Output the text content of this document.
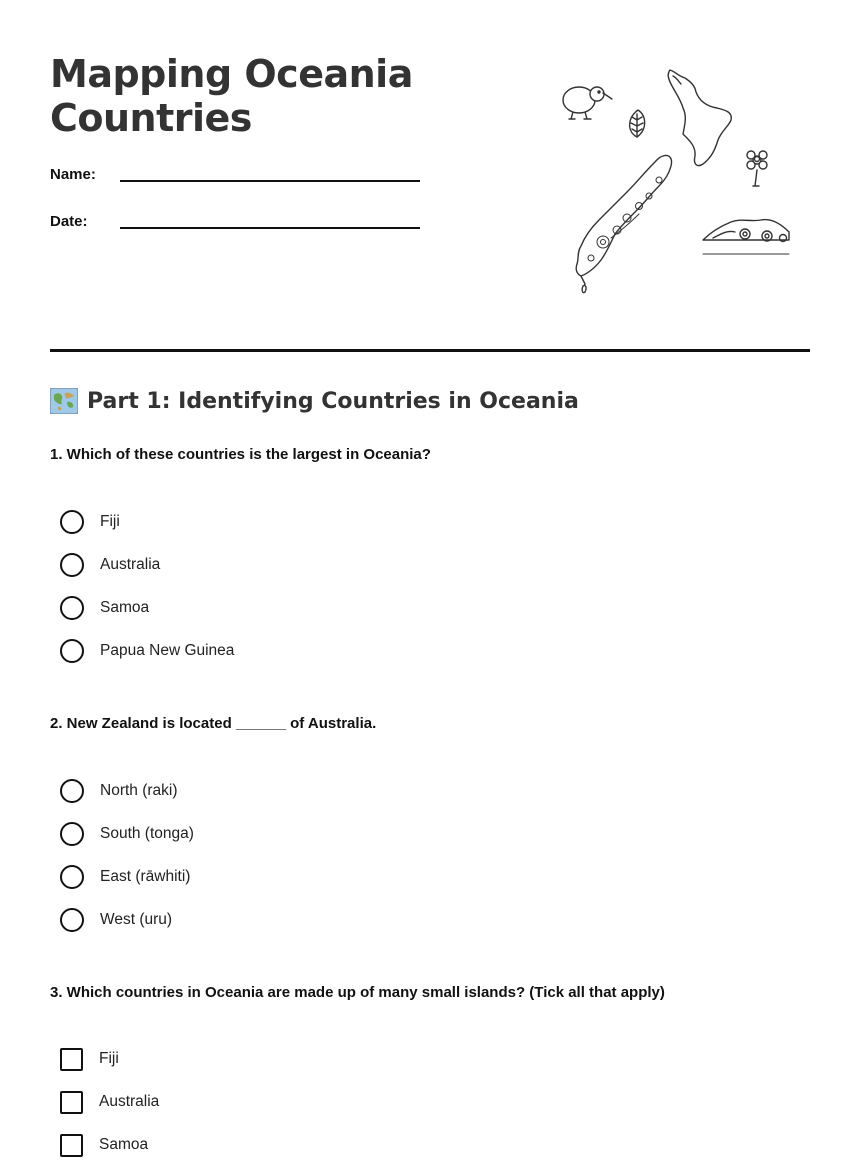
Mapping Oceania
Countries
Name:
Date:
Part 1: Identifying Countries in Oceania

1. Which of these countries is the largest in Oceania?

Fiji
Australia
Samoa
Papua New Guinea

2. New Zealand is located ______ of Australia.

North (raki)
South (tonga)
East (rāwhiti)
West (uru)

3. Which countries in Oceania are made up of many small islands? (Tick all that apply)

Fiji
Australia
Samoa
